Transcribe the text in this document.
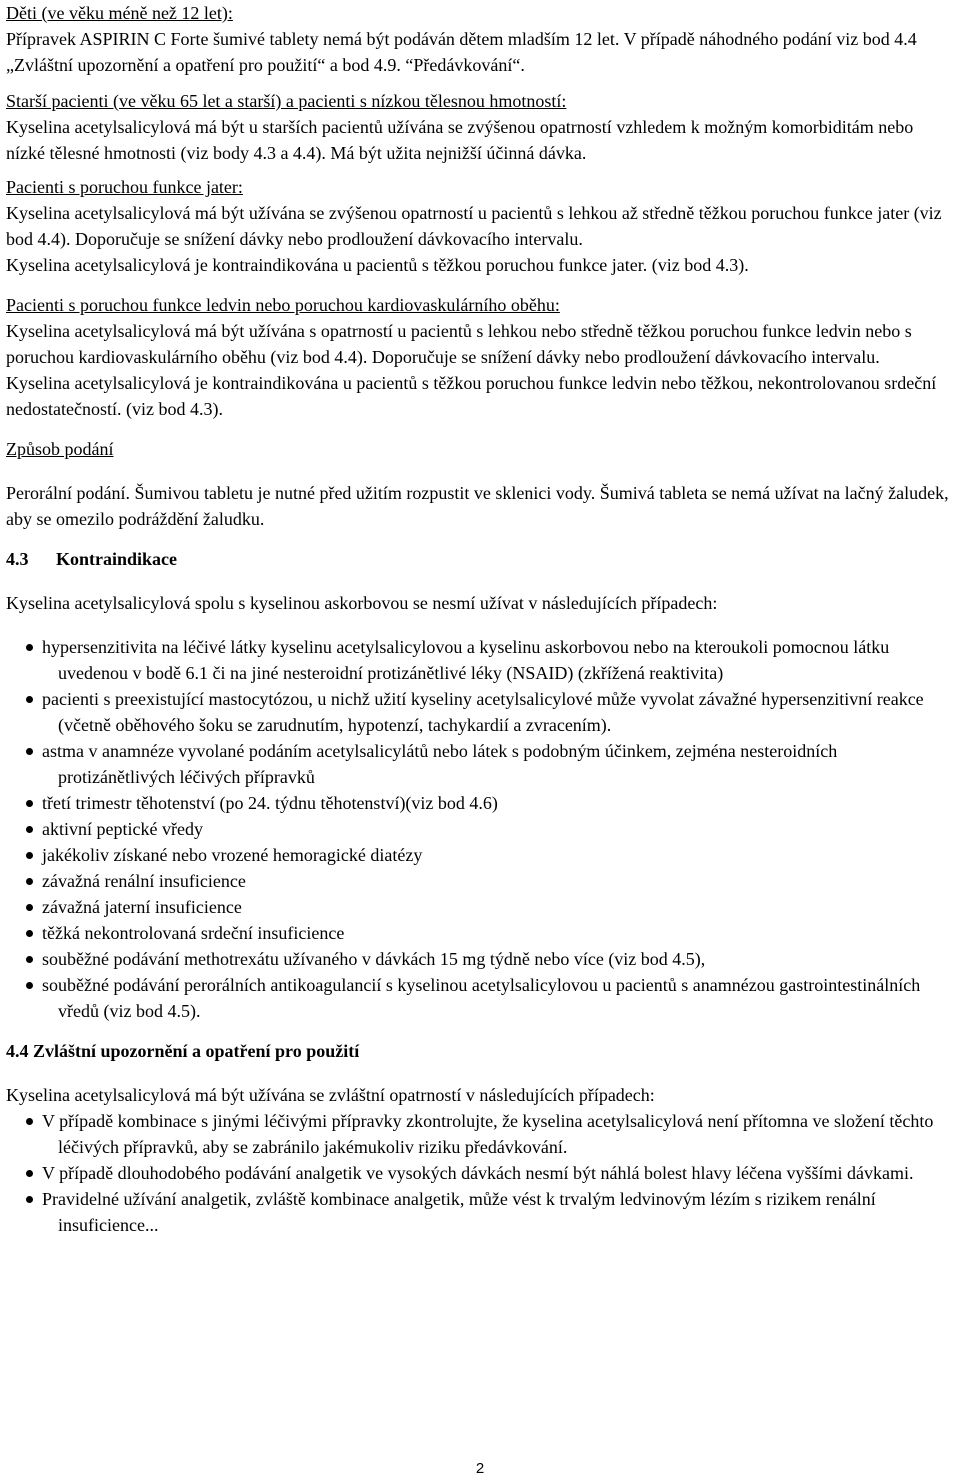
Děti (ve věku méně než 12 let):

Přípravek ASPIRIN C Forte šumivé tablety nemá být podáván dětem mladším 12 let. V případě náhodného podání viz bod 4.4 „Zvláštní upozornění a opatření pro použití“ a bod 4.9. “Předávkování“.

Starší pacienti (ve věku 65 let a starší) a pacienti s nízkou tělesnou hmotností:

Kyselina acetylsalicylová má být u starších pacientů užívána se zvýšenou opatrností vzhledem k možným komorbiditám nebo nízké tělesné hmotnosti (viz body 4.3 a 4.4). Má být užita nejnižší účinná dávka.

Pacienti s poruchou funkce jater:

Kyselina acetylsalicylová má být užívána se zvýšenou opatrností u pacientů s lehkou až středně těžkou poruchou funkce jater (viz bod 4.4). Doporučuje se snížení dávky nebo prodloužení dávkovacího intervalu.

Kyselina acetylsalicylová je kontraindikována u pacientů s těžkou poruchou funkce jater. (viz bod 4.3).

Pacienti s poruchou funkce ledvin nebo poruchou kardiovaskulárního oběhu:

Kyselina acetylsalicylová má být užívána s opatrností u pacientů s lehkou nebo středně těžkou poruchou funkce ledvin nebo s poruchou kardiovaskulárního oběhu (viz bod 4.4). Doporučuje se snížení dávky nebo prodloužení dávkovacího intervalu.

Kyselina acetylsalicylová je kontraindikována u pacientů s těžkou poruchou funkce ledvin nebo těžkou, nekontrolovanou srdeční nedostatečností. (viz bod 4.3).

Způsob podání

Perorální podání. Šumivou tabletu je nutné před užitím rozpustit ve sklenici vody. Šumivá tableta se nemá užívat na lačný žaludek, aby se omezilo podráždění žaludku.

4.3 Kontraindikace

Kyselina acetylsalicylová spolu s kyselinou askorbovou se nesmí užívat v následujících případech:

hypersenzitivita na léčivé látky kyselinu acetylsalicylovou a kyselinu askorbovou nebo na kteroukoli pomocnou látku uvedenou v bodě 6.1 či na jiné nesteroidní protizánětlivé léky (NSAID) (zkřížená reaktivita)
pacienti s preexistující mastocytózou, u nichž užití kyseliny acetylsalicylové může vyvolat závažné hypersenzitivní reakce (včetně oběhového šoku se zarudnutím, hypotenzí, tachykardií a zvracením).
astma v anamnéze vyvolané podáním acetylsalicylátů nebo látek s podobným účinkem, zejména nesteroidních protizánětlivých léčivých přípravků
třetí trimestr těhotenství (po 24. týdnu těhotenství)(viz bod 4.6)
aktivní peptické vředy
jakékoliv získané nebo vrozené hemoragické diatézy
závažná renální insuficience
závažná jaterní insuficience
těžká nekontrolovaná srdeční insuficience
souběžné podávání methotrexátu užívaného v dávkách 15 mg týdně nebo více (viz bod 4.5),
souběžné podávání perorálních antikoagulancií s kyselinou acetylsalicylovou u pacientů s anamnézou gastrointestinálních vředů (viz bod 4.5).

4.4 Zvláštní upozornění a opatření pro použití

Kyselina acetylsalicylová má být užívána se zvláštní opatrností v následujících případech:

V případě kombinace s jinými léčivými přípravky zkontrolujte, že kyselina acetylsalicylová není přítomna ve složení těchto léčivých přípravků, aby se zabránilo jakémukoliv riziku předávkování.
V případě dlouhodobého podávání analgetik ve vysokých dávkách nesmí být náhlá bolest hlavy léčena vyššími dávkami.
Pravidelné užívání analgetik, zvláště kombinace analgetik, může vést k trvalým ledvinovým lézím s rizikem renální insuficience...
2
